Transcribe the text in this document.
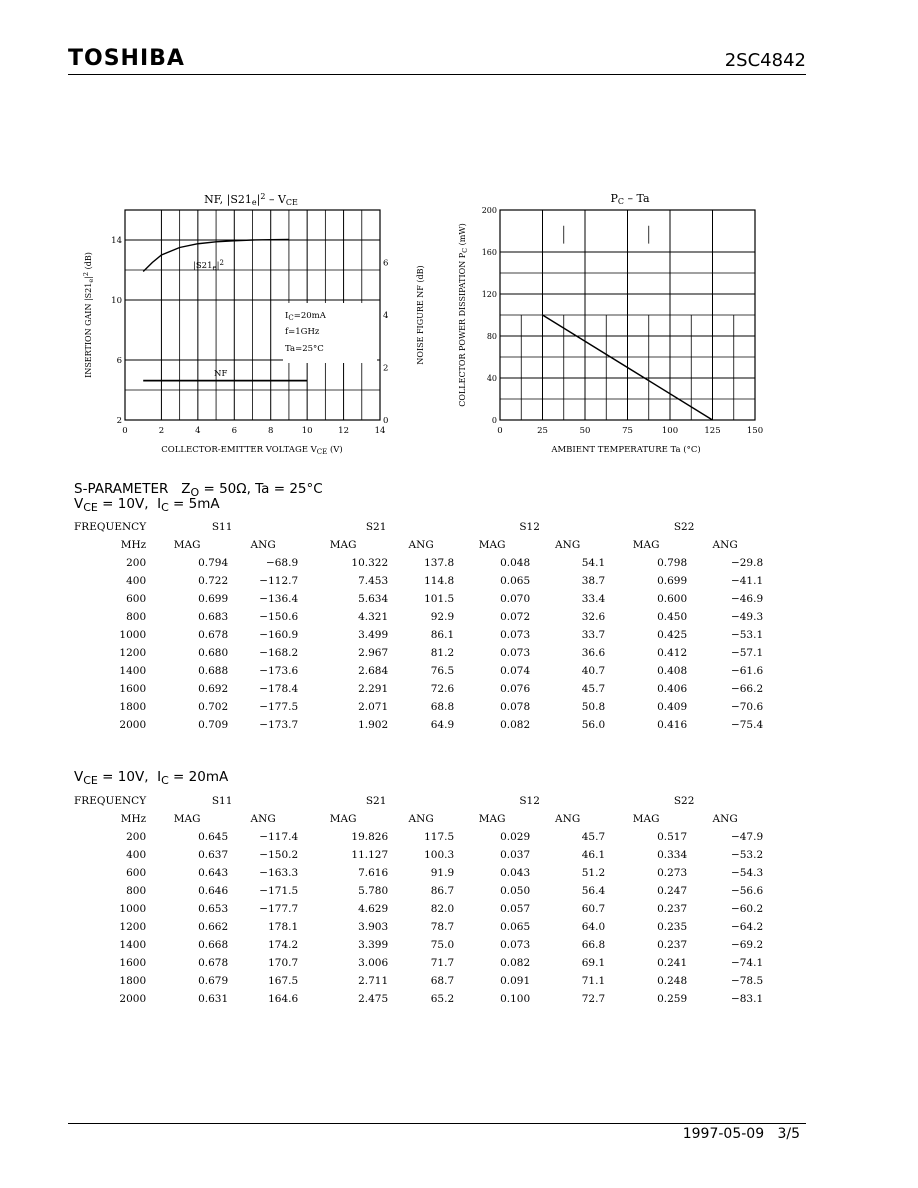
TOSHIBA	2SC4842
NF, $|S21e|^2$ – VCE
0	2	4	6	8	10	12	14
2
6
10
14
0
2
4
6
$I_C=20mA$
f=1GHz
Ta=25°C
$|S21_e|^2$
NF
COLLECTOR-EMITTER VOLTAGE $V_{CE}$ (V)
INSERTION GAIN $|S21_e|^2$ (dB)
NOISE FIGURE NF (dB)
PC – Ta
0	25	50	75	100	125	150
0
40
80
120
160
200
AMBIENT TEMPERATURE Ta (°C)
COLLECTOR POWER DISSIPATION $P_C$ (mW)
S-PARAMETER   $Z_O = 50\Omega$, Ta = 25°C
$V_{CE} = 10V$,  $I_C = 5mA$
FREQUENCY	S11		S21		S12		S22	
MHz	MAG	ANG	MAG	ANG	MAG	ANG	MAG	ANG
200	0.794	−68.9	10.322	137.8	0.048	54.1	0.798	−29.8
400	0.722	−112.7	7.453	114.8	0.065	38.7	0.699	−41.1
600	0.699	−136.4	5.634	101.5	0.070	33.4	0.600	−46.9
800	0.683	−150.6	4.321	92.9	0.072	32.6	0.450	−49.3
1000	0.678	−160.9	3.499	86.1	0.073	33.7	0.425	−53.1
1200	0.680	−168.2	2.967	81.2	0.073	36.6	0.412	−57.1
1400	0.688	−173.6	2.684	76.5	0.074	40.7	0.408	−61.6
1600	0.692	−178.4	2.291	72.6	0.076	45.7	0.406	−66.2
1800	0.702	−177.5	2.071	68.8	0.078	50.8	0.409	−70.6
2000	0.709	−173.7	1.902	64.9	0.082	56.0	0.416	−75.4
$V_{CE} = 10V$,  $I_C = 20mA$
FREQUENCY	S11		S21		S12		S22	
MHz	MAG	ANG	MAG	ANG	MAG	ANG	MAG	ANG
200	0.645	−117.4	19.826	117.5	0.029	45.7	0.517	−47.9
400	0.637	−150.2	11.127	100.3	0.037	46.1	0.334	−53.2
600	0.643	−163.3	7.616	91.9	0.043	51.2	0.273	−54.3
800	0.646	−171.5	5.780	86.7	0.050	56.4	0.247	−56.6
1000	0.653	−177.7	4.629	82.0	0.057	60.7	0.237	−60.2
1200	0.662	178.1	3.903	78.7	0.065	64.0	0.235	−64.2
1400	0.668	174.2	3.399	75.0	0.073	66.8	0.237	−69.2
1600	0.678	170.7	3.006	71.7	0.082	69.1	0.241	−74.1
1800	0.679	167.5	2.711	68.7	0.091	71.1	0.248	−78.5
2000	0.631	164.6	2.475	65.2	0.100	72.7	0.259	−83.1
1997-05-09 3/5
